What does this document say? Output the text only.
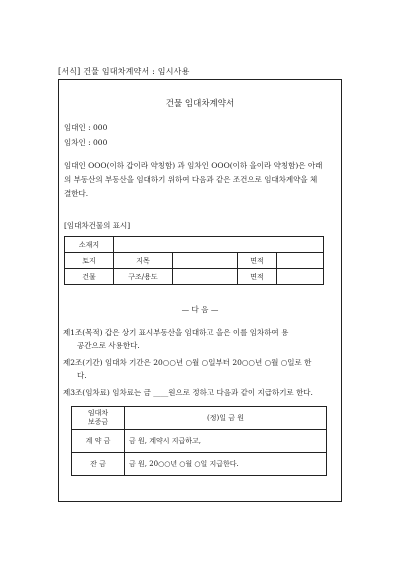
[서식] 건물 임대차계약서 : 임시사용
건물 임대차계약서
임대인 : 000
임차인 : 000
임대인 OOO(이하 갑이라 약칭함) 과 임차인 OOO(이하 을이라 약칭함)은 아래
의 부동산의 부동산을 임대하기 위하여 다음과 같은 조건으로 임대차계약을 체
결한다.
[임대차건물의 표시]
소재지				
토지	지목		면적	
건물	구조/용도		면적	
— 다 음 —
제1조(목적) 갑은 상기 표시부동산을 임대하고 을은 이를 임차하여 용
공간으로 사용한다.
제2조(기간) 임대차 기간은 20○○년 ○월 ○일부터 20○○년 ○월 ○일로 한
다.
제3조(임차료) 임차료는 금 ____원으로 정하고 다음과 같이 지급하기로 한다.
임대차
보증금	(정)일 금 원
계 약 금	금 원, 계약시 지급하고,
잔 금	금 원, 20○○년 ○월 ○일 지급한다.
